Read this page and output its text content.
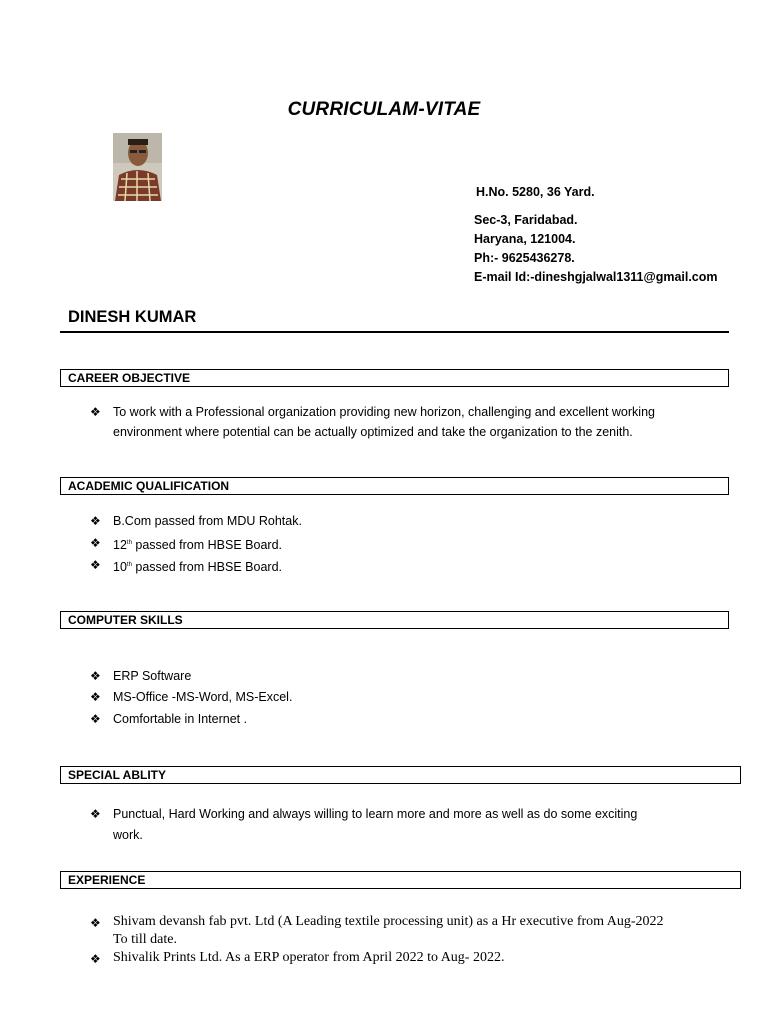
CURRICULAM-VITAE
H.No. 5280, 36 Yard.
Sec-3, Faridabad.
Haryana, 121004.
Ph:- 9625436278.
E-mail Id:-dineshgjalwal1311@gmail.com
DINESH KUMAR
CAREER OBJECTIVE
❖ To work with a Professional organization providing new horizon, challenging and excellent working
environment where potential can be actually optimized and take the organization to the zenith.
ACADEMIC QUALIFICATION
❖ B.Com passed from MDU Rohtak.
❖ 12th passed from HBSE Board.
❖ 10th passed from HBSE Board.
COMPUTER SKILLS
❖ ERP Software
❖ MS-Office -MS-Word, MS-Excel.
❖ Comfortable in Internet .
SPECIAL ABLITY
❖ Punctual, Hard Working and always willing to learn more and more as well as do some exciting
work.
EXPERIENCE
❖ Shivam devansh fab pvt. Ltd (A Leading textile processing unit) as a Hr executive from Aug-2022
To till date.
❖ Shivalik Prints Ltd. As a ERP operator from April 2022 to Aug- 2022.
